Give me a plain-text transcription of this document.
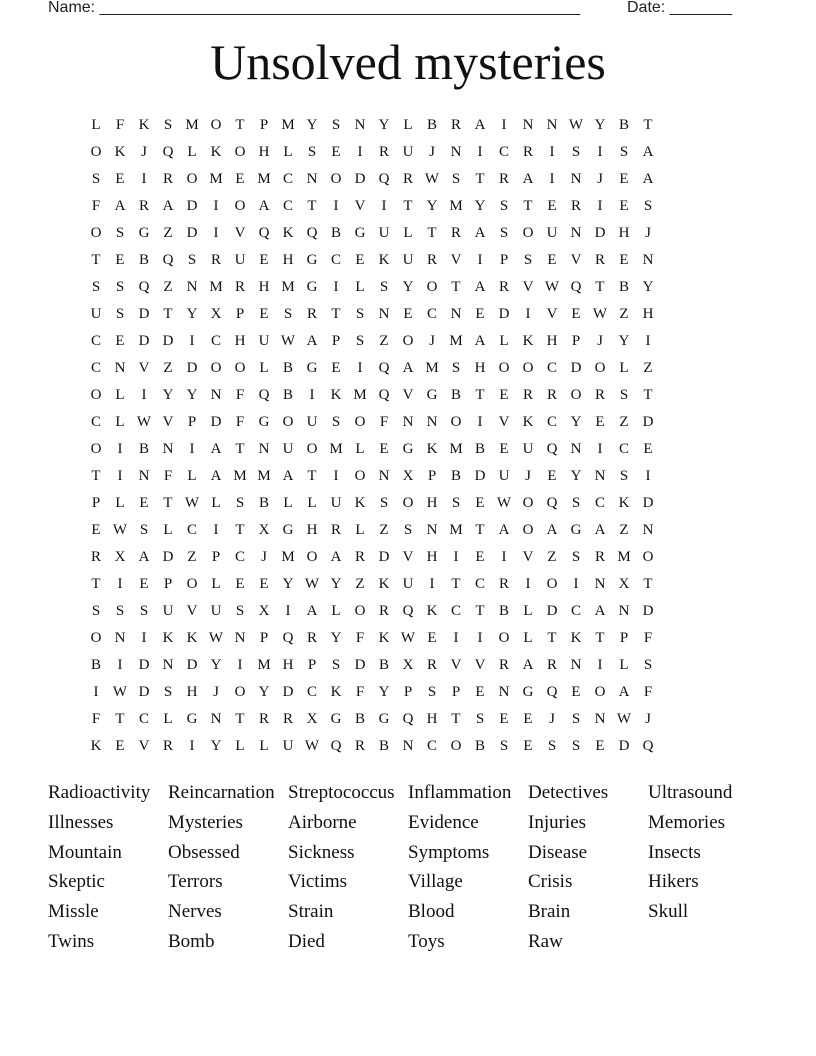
Name: ______________________________________________________	Date: _______
Unsolved mysteries
L	F K S M O T	P M Y S N Y L B R A	I	N N W Y B T
O K	J	Q L K O H L	S	E	I	R U	J	N	I	C R	I	S	I	S A
S	E	I	R O M E M C N O D Q R W S	T R A	I	N	J	E A
F A R A D	I	O A C T	I	V	I	T Y M Y S	T E R	I	E	S
O S G Z D	I	V Q K Q B G U L T R A S O U N D H	J
T E B Q S R U E H G C E K U R V	I	P	S	E V R E N
S	S Q Z N M R H M G	I	L	S Y O T A R V W Q T B Y
U S D T Y X P	E	S R T	S N E C N E D	I	V E W Z H
C E D D	I	C H U W A P	S	Z O	J M A L K H P	J	Y	I
C N V Z D O O L B G E	I	Q A M S H O O C D O L Z
O L	I	Y Y N F Q B	I	K M Q V G B T E R R O R S	T
C L W V P D F G O U S O F N N O	I	V K C Y E Z D
O	I	B N	I	A T N U O M L E G K M B E U Q N	I	C E
T	I	N F	L A M M A T	I	O N X P B D U	J	E Y N S	I
P	L E T W L	S B L L U K S O H S	E W O Q S C K D
E W S	L C	I	T X G H R L Z	S N M T A O A G A Z N
R X A D Z	P C	J M O A R D V H	I	E	I	V Z	S R M O
T	I	E	P O L E E Y W Y Z K U	I	T C R	I	O	I	N X T
S	S	S U V U S X	I	A L O R Q K C T B L D C A N D
O N	I	K K W N P Q R Y F K W E	I	I	O L T K T	P	F
B	I	D N D Y	I M H P	S D B X R V V R A R N	I	L	S
I W D S H	J	O Y D C K F Y P	S	P	E N G Q E O A F
F	T C L G N T R R X G B G Q H T	S	E E	J	S N W J
K E V R	I	Y L L U W Q R B N C O B S	E	S	S	E D Q
Radioactivity Reincarnation Streptococcus Inflammation Detectives	Ultrasound
Illnesses	Mysteries	Airborne	Evidence	Injuries	Memories
Mountain	Obsessed	Sickness	Symptoms	Disease	Insects
Skeptic	Terrors	Victims	Village	Crisis	Hikers
Missle	Nerves	Strain	Blood	Brain	Skull
Twins	Bomb	Died	Toys	Raw
